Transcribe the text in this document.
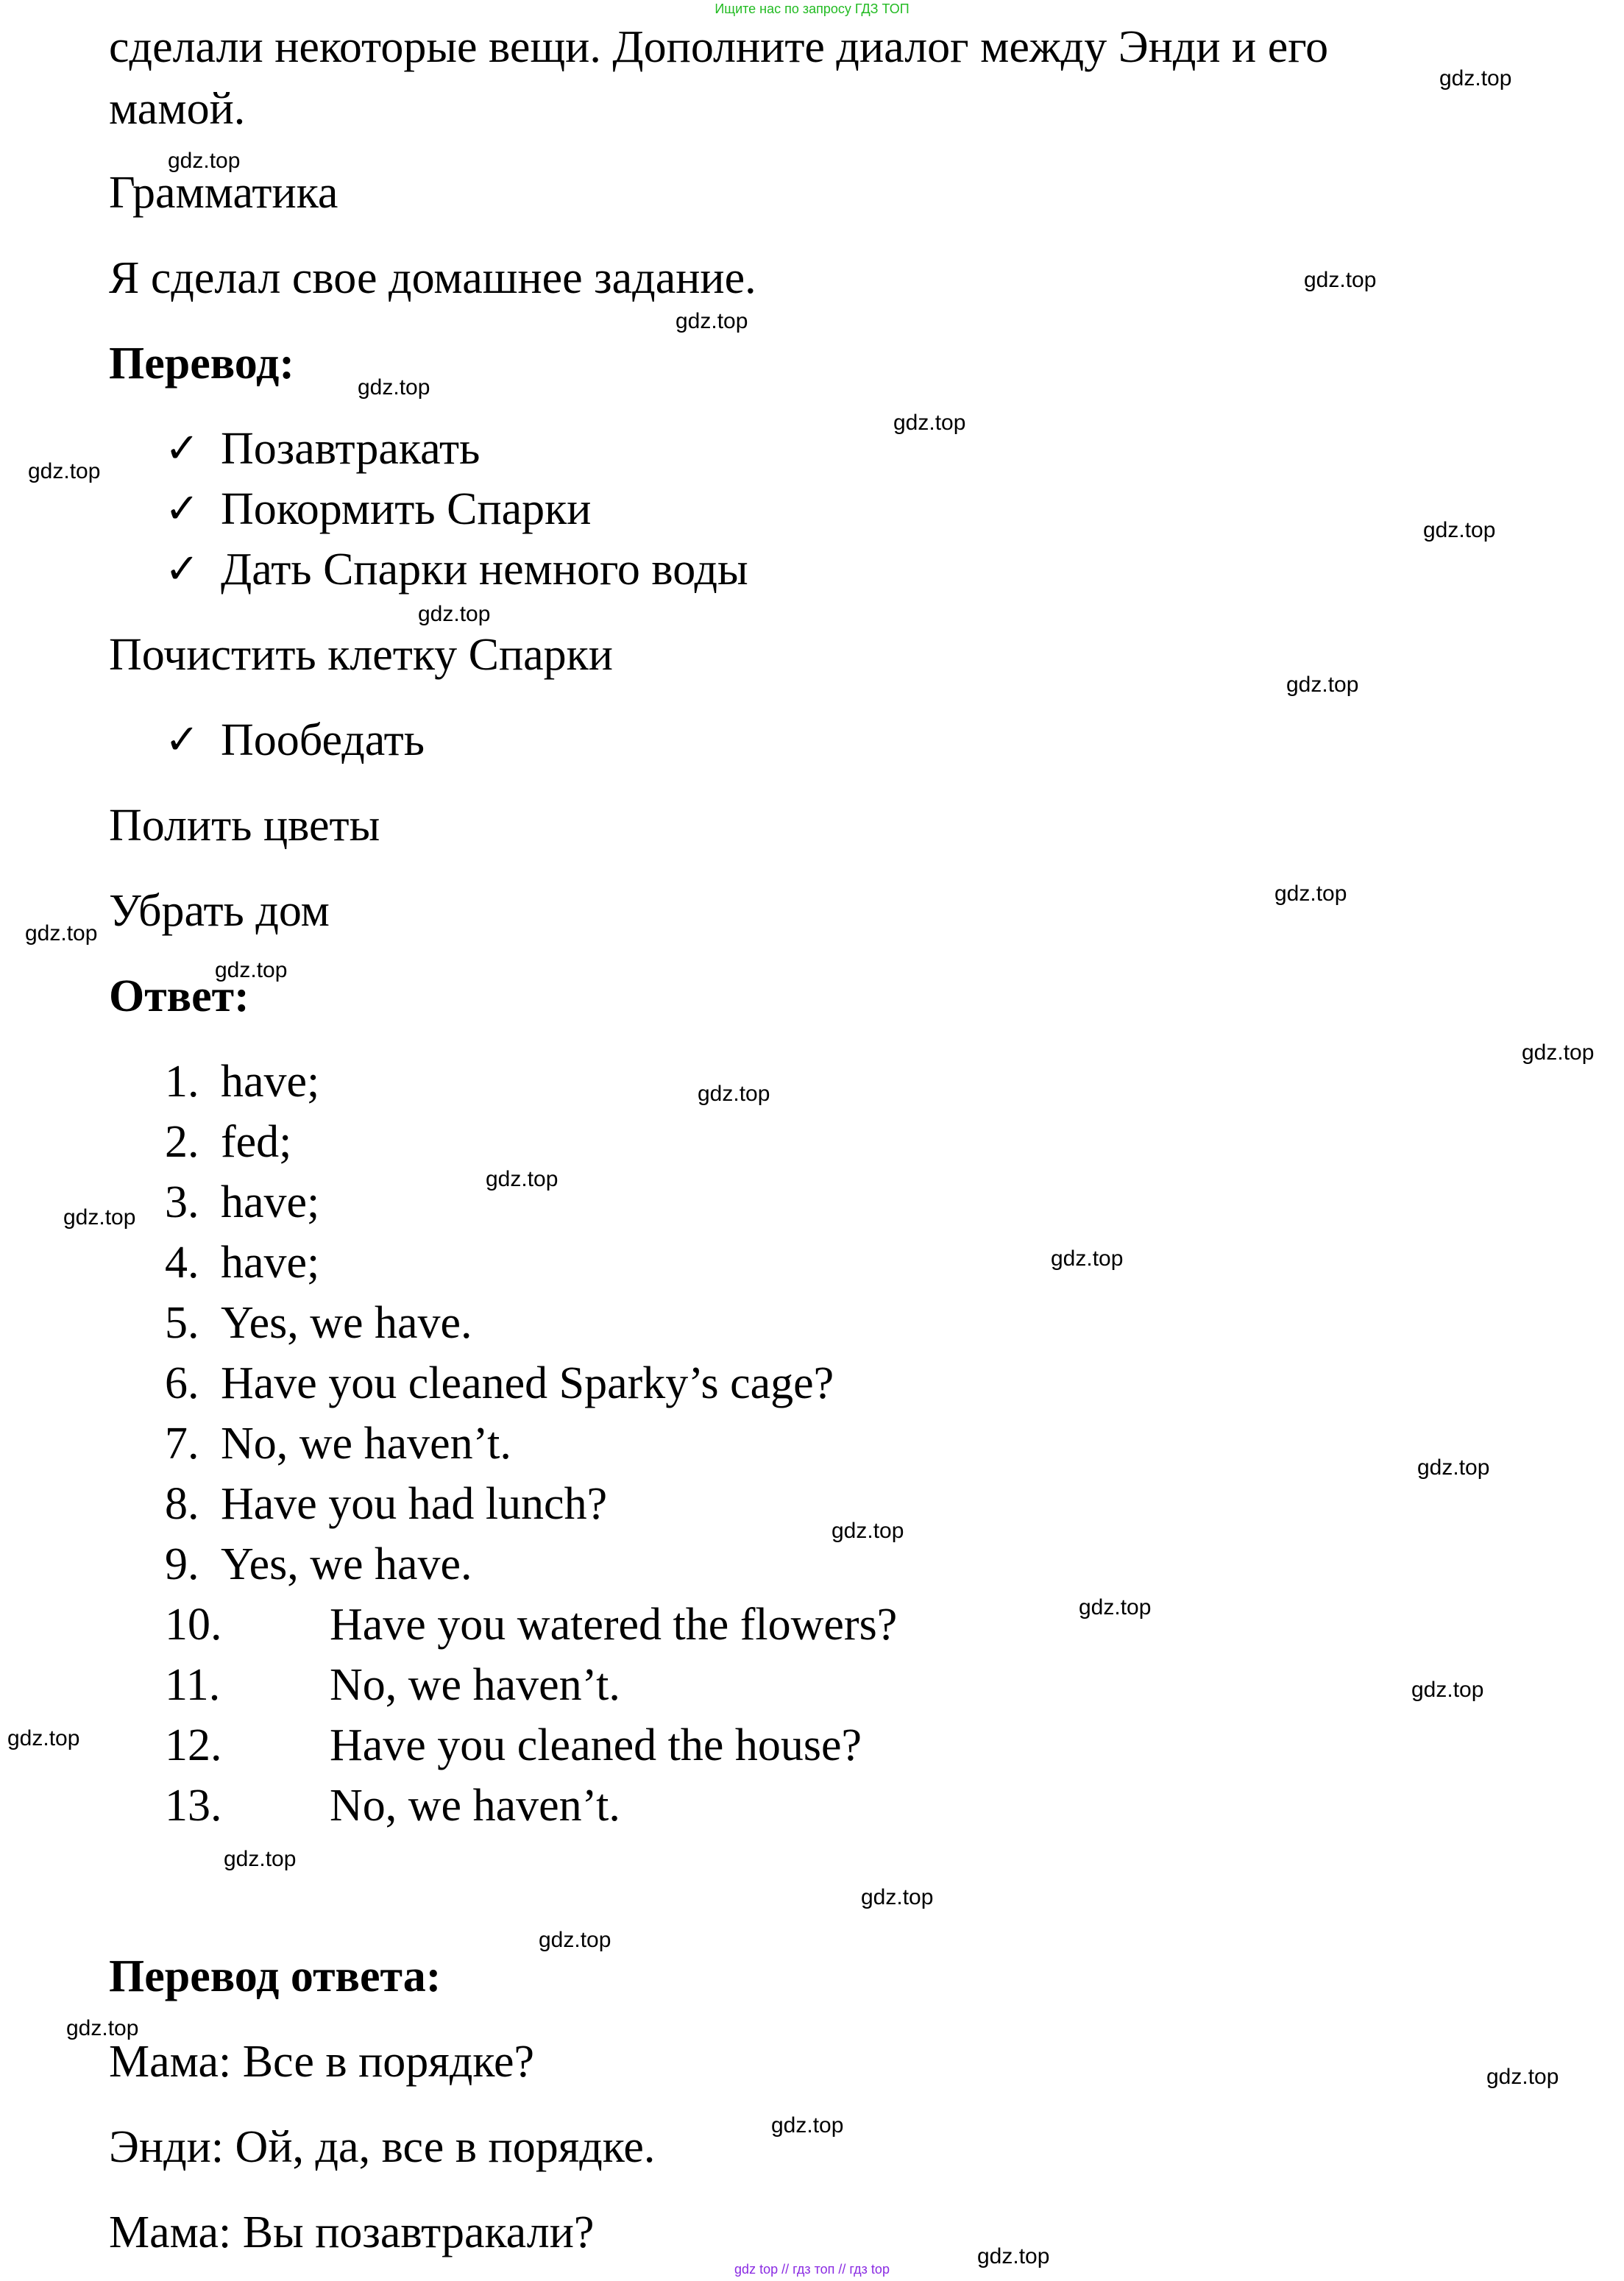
Ищите нас по запросу ГДЗ ТОП
сделали некоторые вещи. Дополните диалог между Энди и его
мамой.
Грамматика
Я сделал свое домашнее задание.
Перевод:
✓ Позавтракать
✓ Покормить Спарки
✓ Дать Спарки немного воды
Почистить клетку Спарки
✓ Пообедать
Полить цветы
Убрать дом
Ответ:
1. have;
2. fed;
3. have;
4. have;
5. Yes, we have.
6. Have you cleaned Sparky’s cage?
7. No, we haven’t.
8. Have you had lunch?
9. Yes, we have.
10. Have you watered the flowers?
11. No, we haven’t.
12. Have you cleaned the house?
13. No, we haven’t.
Перевод ответа:
Мама: Все в порядке?
Энди: Ой, да, все в порядке.
Мама: Вы позавтракали?
gdz.top
gdz.top
gdz.top
gdz.top
gdz.top
gdz.top
gdz.top
gdz.top
gdz.top
gdz.top
gdz.top
gdz.top
gdz.top
gdz.top
gdz.top
gdz.top
gdz.top
gdz.top
gdz.top
gdz.top
gdz.top
gdz.top
gdz.top
gdz.top
gdz.top
gdz.top
gdz.top
gdz.top
gdz.top
gdz.top
gdz top // гдз топ // гдз top
